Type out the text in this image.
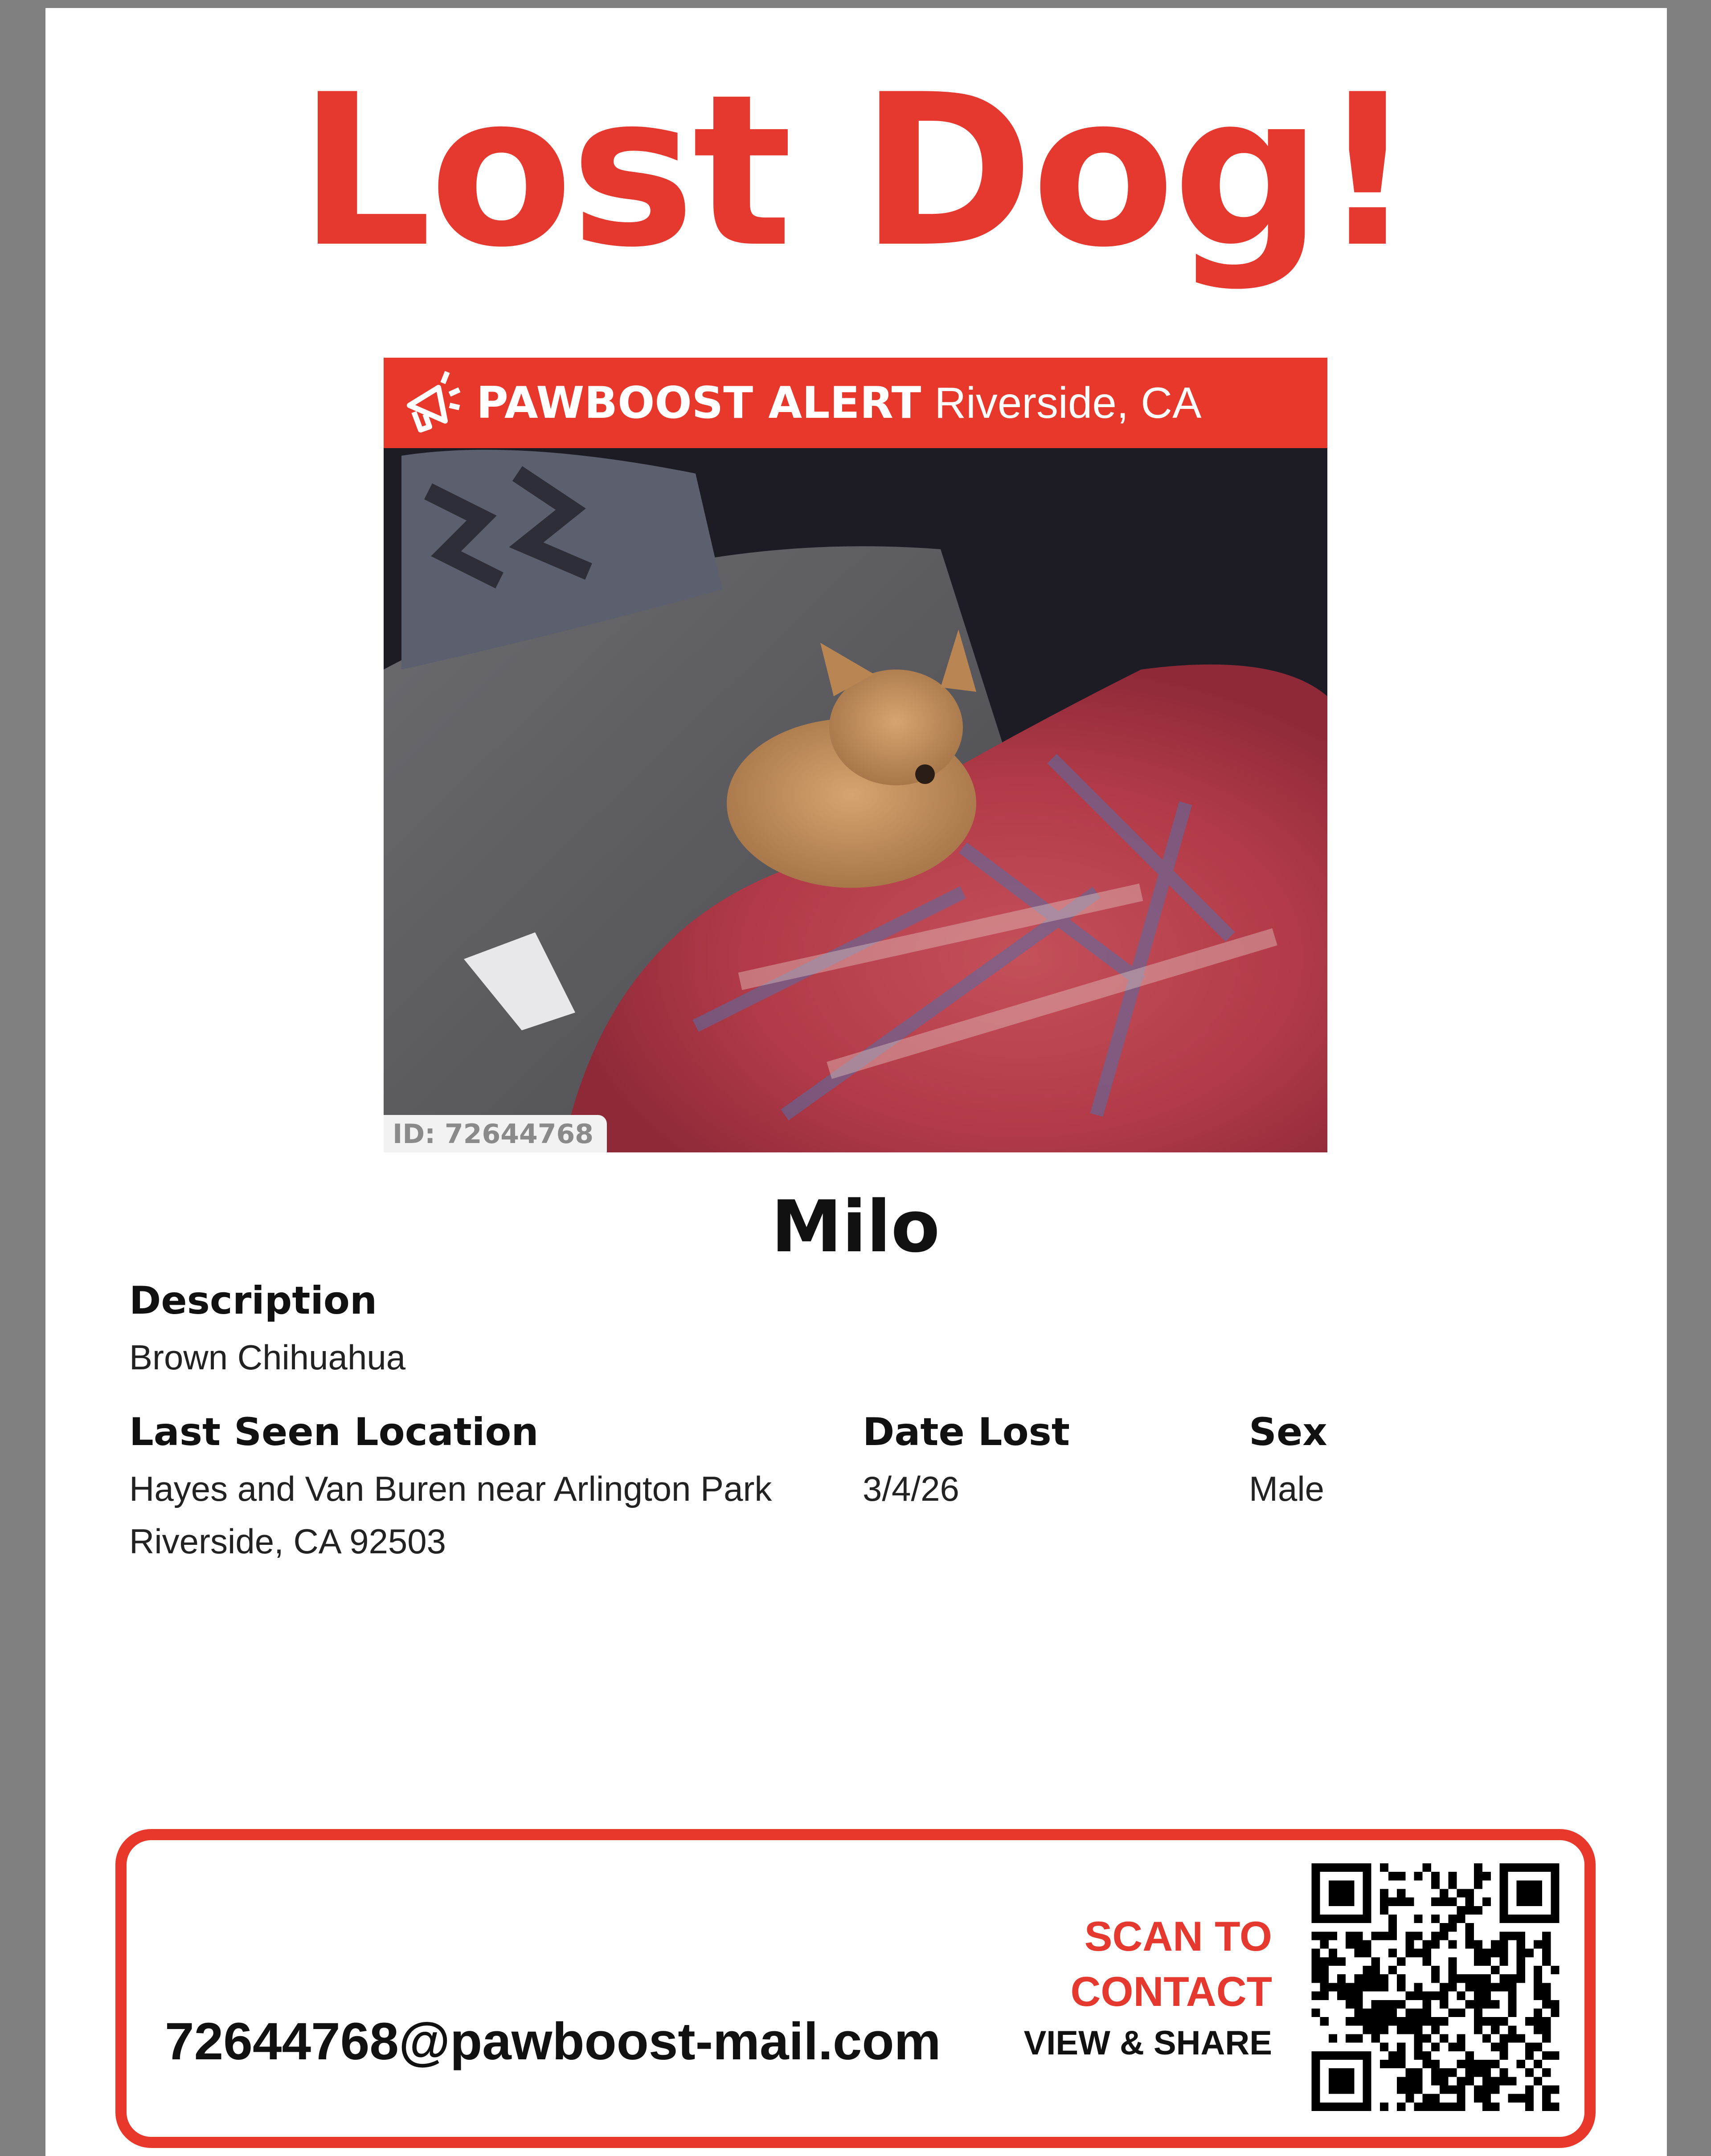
Lost Dog!
PAWBOOST ALERT Riverside, CA
ID: 72644768
Milo
Description
Brown Chihuahua
Last Seen Location
Hayes and Van Buren near Arlington Park
Riverside, CA 92503
Date Lost
3/4/26
Sex
Male
72644768@pawboost-mail.com
SCAN TO
CONTACT
VIEW & SHARE
